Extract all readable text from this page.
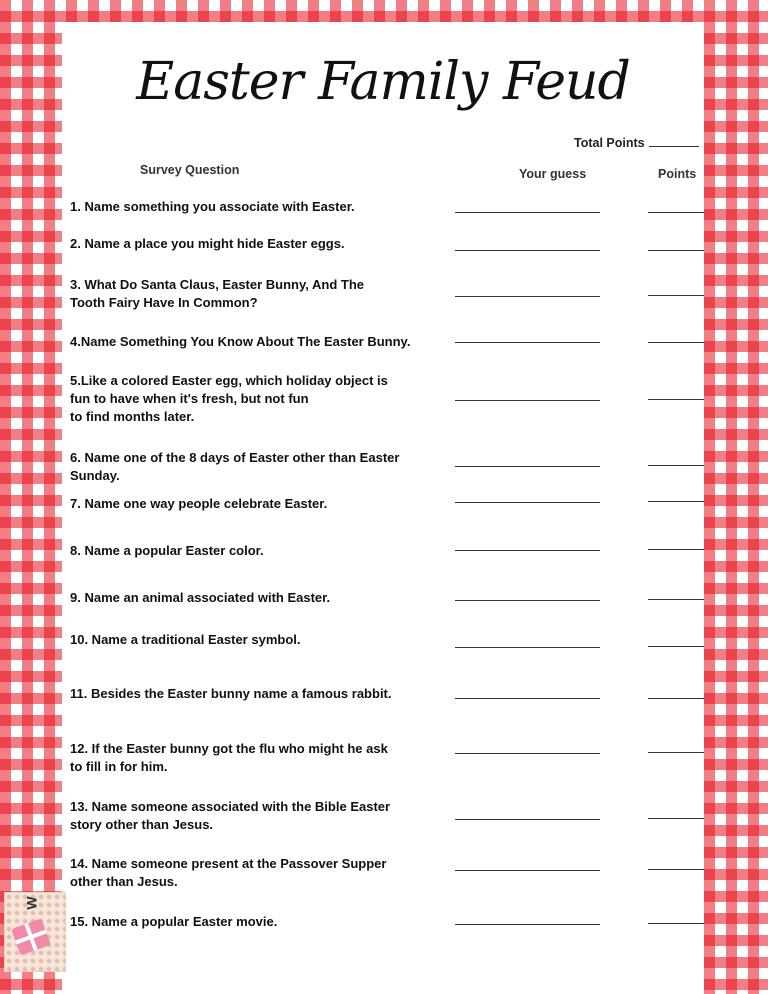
Easter Family Feud
Total Points
Survey Question	Your guess	Points
1. Name something you associate with Easter.
2. Name a place you might hide Easter eggs.
3. What Do Santa Claus, Easter Bunny, And The
Tooth Fairy Have In Common?
4.Name Something You Know About The Easter Bunny.
5.Like a colored Easter egg, which holiday object is
fun to have when it's fresh, but not fun
to find months later.
6. Name one of the 8 days of Easter other than Easter
Sunday.
7. Name one way people celebrate Easter.
8. Name a popular Easter color.
9. Name an animal associated with Easter.
10. Name a traditional Easter symbol.
11. Besides the Easter bunny name a famous rabbit.
12. If the Easter bunny got the flu who might he ask
to fill in for him.
13. Name someone associated with the Bible Easter
story other than Jesus.
14. Name someone present at the Passover Supper
other than Jesus.
15. Name a popular Easter movie.
W
